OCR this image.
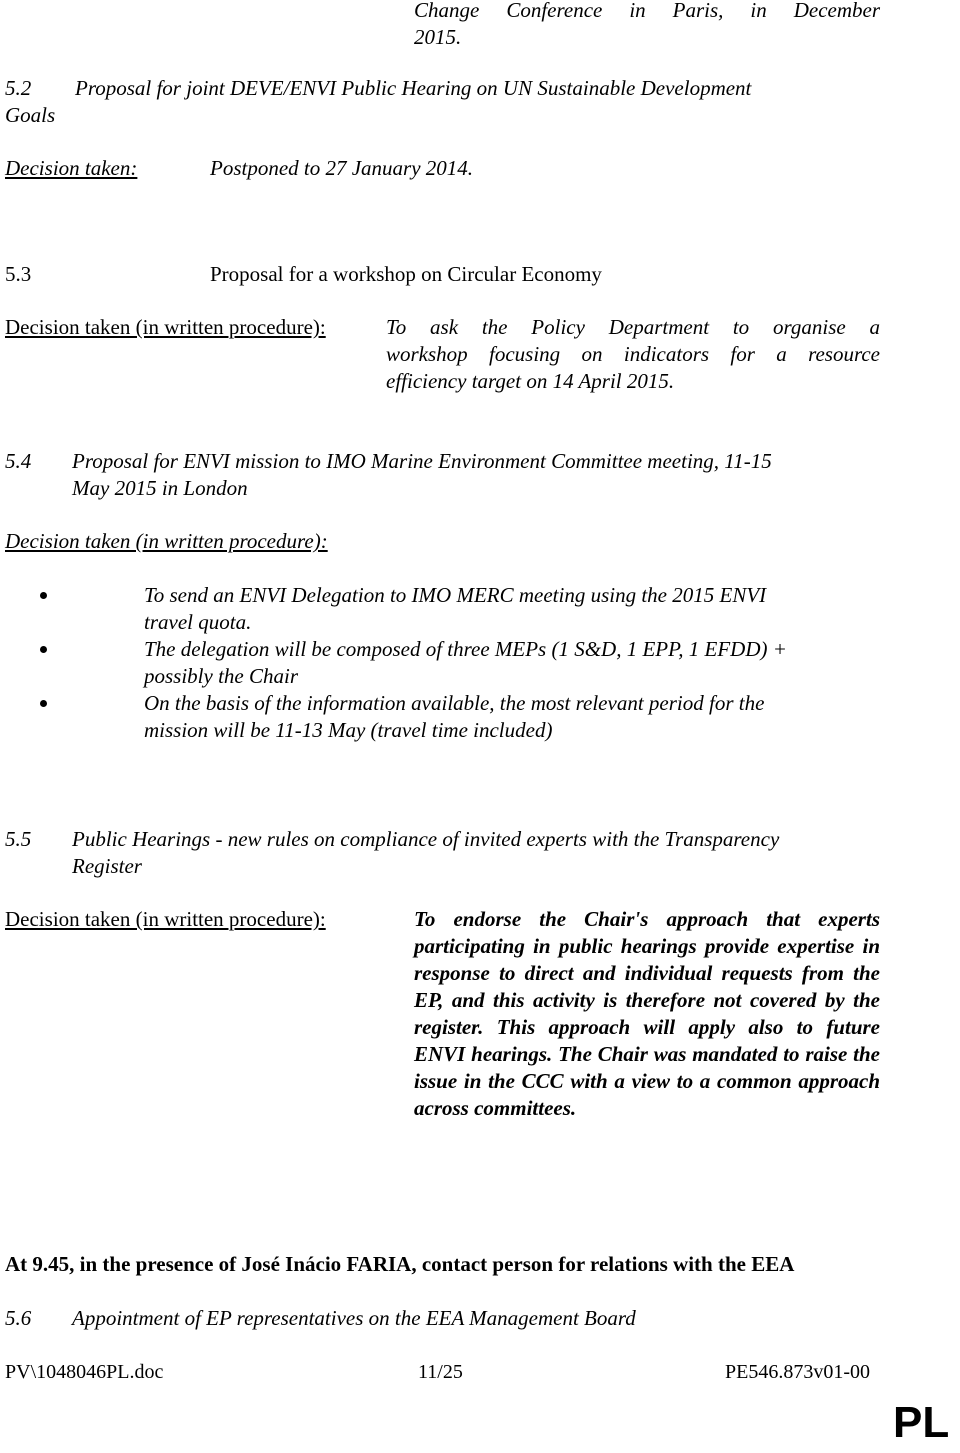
Change Conference in Paris, in December
2015.
5.2 Proposal for joint DEVE/ENVI Public Hearing on UN Sustainable Development
Goals
Decision taken:	Postponed to 27 January 2014.
5.3	Proposal for a workshop on Circular Economy
Decision taken (in written procedure):	To ask the Policy Department to organise a
workshop focusing on indicators for a resource
efficiency target on 14 April 2015.
5.4 Proposal for ENVI mission to IMO Marine Environment Committee meeting, 11-15
May 2015 in London
Decision taken (in written procedure):
To send an ENVI Delegation to IMO MERC meeting using the 2015 ENVI travel quota.
The delegation will be composed of three MEPs (1 S&D, 1 EPP, 1 EFDD) + possibly the Chair
On the basis of the information available, the most relevant period for the mission will be 11-13 May (travel time included)
5.5 Public Hearings - new rules on compliance of invited experts with the Transparency
Register
Decision taken (in written procedure):	To endorse the Chair's approach that experts participating in public hearings provide expertise in response to direct and individual requests from the EP, and this activity is therefore not covered by the register. This approach will apply also to future ENVI hearings. The Chair was mandated to raise the issue in the CCC with a view to a common approach across committees.
At 9.45, in the presence of José Inácio FARIA, contact person for relations with the EEA
5.6 Appointment of EP representatives on the EEA Management Board
PV\1048046PL.doc	11/25	PE546.873v01-00
PL
